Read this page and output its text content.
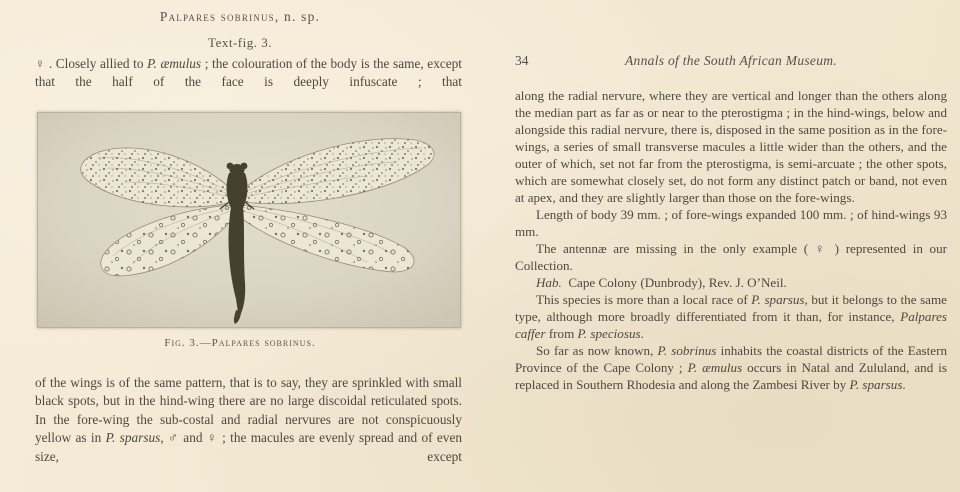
Palpares sobrinus, n. sp.
Text-fig. 3.

♀ . Closely allied to P. æmulus ; the colouration of the body is the same, except that the half of the face is deeply infuscate ; that

Fig. 3.—Palpares sobrinus.

of the wings is of the same pattern, that is to say, they are sprinkled with small black spots, but in the hind-wing there are no large discoidal reticulated spots. In the fore-wing the sub-costal and radial nervures are not conspicuously yellow as in P. sparsus, ♂ and ♀ ; the macules are evenly spread and of even size, except

34	Annals of the South African Museum.

along the radial nervure, where they are vertical and longer than the others along the median part as far as or near to the pterostigma ; in the hind-wings, below and alongside this radial nervure, there is, disposed in the same position as in the fore-wings, a series of small transverse macules a little wider than the others, and the outer of which, set not far from the pterostigma, is semi-arcuate ; the other spots, which are somewhat closely set, do not form any distinct patch or band, not even at apex, and they are slightly larger than those on the fore-wings.

Length of body 39 mm. ; of fore-wings expanded 100 mm. ; of hind-wings 93 mm.

The antennæ are missing in the only example ( ♀ ) represented in our Collection.

Hab. Cape Colony (Dunbrody), Rev. J. O’Neil.

This species is more than a local race of P. sparsus, but it belongs to the same type, although more broadly differentiated from it than, for instance, Palpares caffer from P. speciosus.

So far as now known, P. sobrinus inhabits the coastal districts of the Eastern Province of the Cape Colony ; P. æmulus occurs in Natal and Zululand, and is replaced in Southern Rhodesia and along the Zambesi River by P. sparsus.
